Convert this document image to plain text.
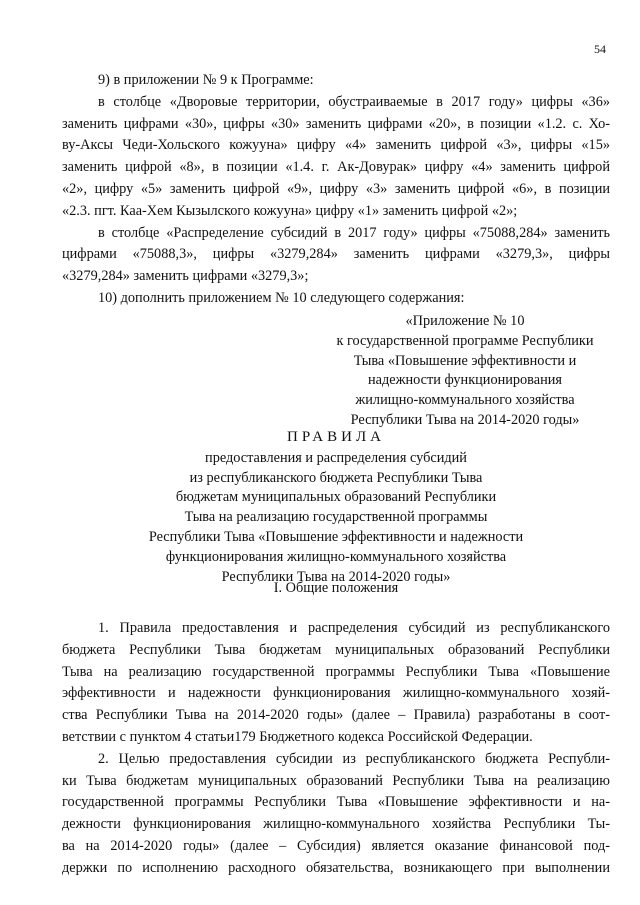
54
9) в приложении № 9 к Программе:
в столбце «Дворовые территории, обустраиваемые в 2017 году» цифры «36»
заменить цифрами «30», цифры «30» заменить цифрами «20», в позиции «1.2. с. Хо-
ву-Аксы Чеди-Хольского кожууна» цифру «4» заменить цифрой «3», цифры «15»
заменить цифрой «8», в позиции «1.4. г. Ак-Довурак» цифру «4» заменить цифрой
«2», цифру «5» заменить цифрой «9», цифру «3» заменить цифрой «6», в позиции
«2.3. пгт. Каа-Хем Кызылского кожууна» цифру «1» заменить цифрой «2»;
в столбце «Распределение субсидий в 2017 году» цифры «75088,284» заменить
цифрами «75088,3», цифры «3279,284» заменить цифрами «3279,3», цифры
«3279,284» заменить цифрами «3279,3»;
10) дополнить приложением № 10 следующего содержания:
«Приложение № 10
к государственной программе Республики
Тыва «Повышение эффективности и
надежности функционирования
жилищно-коммунального хозяйства
Республики Тыва на 2014-2020 годы»
ПРАВИЛА
предоставления и распределения субсидий
из республиканского бюджета Республики Тыва
бюджетам муниципальных образований Республики
Тыва на реализацию государственной программы
Республики Тыва «Повышение эффективности и надежности
функционирования жилищно-коммунального хозяйства
Республики Тыва на 2014-2020 годы»
I. Общие положения
1. Правила предоставления и распределения субсидий из республиканского
бюджета Республики Тыва бюджетам муниципальных образований Республики
Тыва на реализацию государственной программы Республики Тыва «Повышение
эффективности и надежности функционирования жилищно-коммунального хозяй-
ства Республики Тыва на 2014-2020 годы» (далее – Правила) разработаны в соот-
ветствии с пунктом 4 статьи179 Бюджетного кодекса Российской Федерации.
2. Целью предоставления субсидии из республиканского бюджета Республи-
ки Тыва бюджетам муниципальных образований Республики Тыва на реализацию
государственной программы Республики Тыва «Повышение эффективности и на-
дежности функционирования жилищно-коммунального хозяйства Республики Ты-
ва на 2014-2020 годы» (далее – Субсидия) является оказание финансовой под-
держки по исполнению расходного обязательства, возникающего при выполнении
